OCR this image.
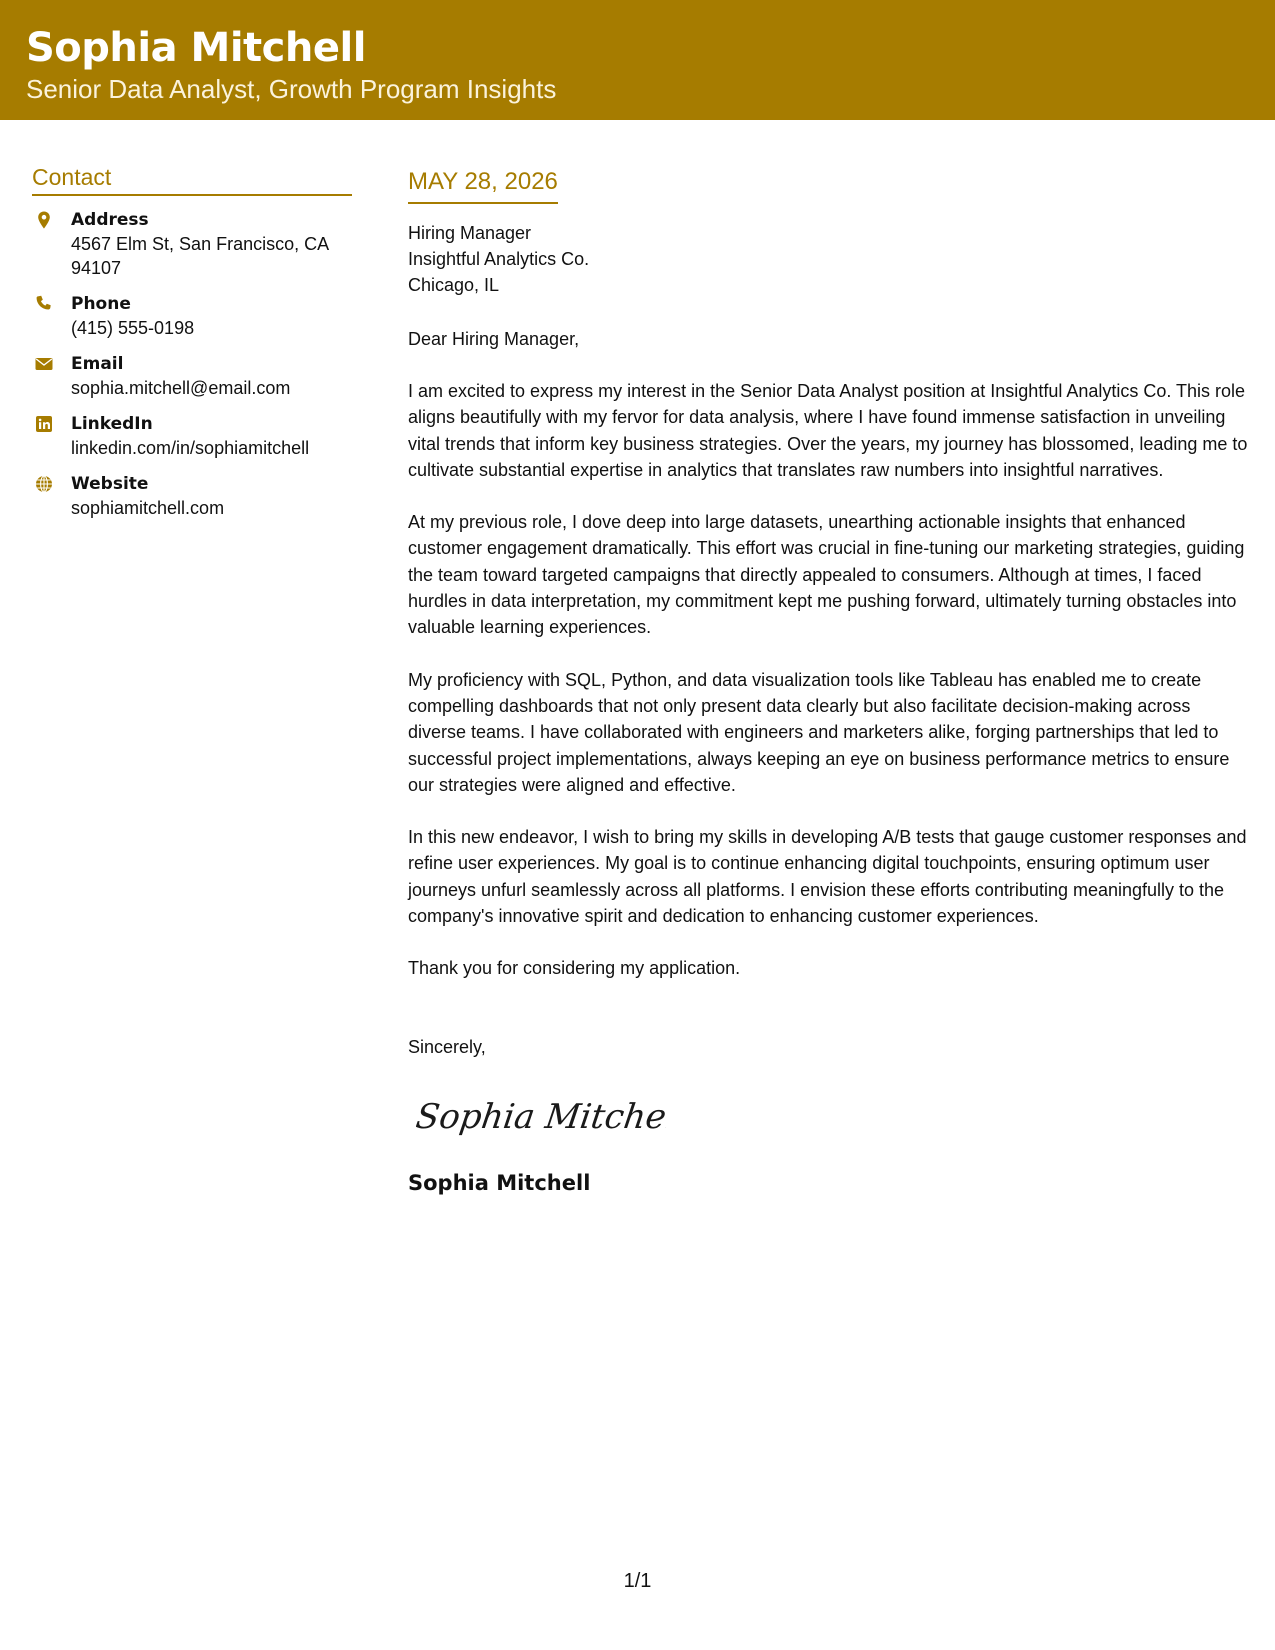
Sophia Mitchell
Senior Data Analyst, Growth Program Insights
Contact
Address
4567 Elm St, San Francisco, CA 94107
Phone
(415) 555-0198
Email
sophia.mitchell@email.com
LinkedIn
linkedin.com/in/sophiamitchell
Website
sophiamitchell.com
MAY 28, 2026
Hiring Manager
Insightful Analytics Co.
Chicago, IL
Dear Hiring Manager,
I am excited to express my interest in the Senior Data Analyst position at Insightful Analytics Co. This role aligns beautifully with my fervor for data analysis, where I have found immense satisfaction in unveiling vital trends that inform key business strategies. Over the years, my journey has blossomed, leading me to cultivate substantial expertise in analytics that translates raw numbers into insightful narratives.
At my previous role, I dove deep into large datasets, unearthing actionable insights that enhanced customer engagement dramatically. This effort was crucial in fine-tuning our marketing strategies, guiding the team toward targeted campaigns that directly appealed to consumers. Although at times, I faced hurdles in data interpretation, my commitment kept me pushing forward, ultimately turning obstacles into valuable learning experiences.
My proficiency with SQL, Python, and data visualization tools like Tableau has enabled me to create compelling dashboards that not only present data clearly but also facilitate decision-making across diverse teams. I have collaborated with engineers and marketers alike, forging partnerships that led to successful project implementations, always keeping an eye on business performance metrics to ensure our strategies were aligned and effective.
In this new endeavor, I wish to bring my skills in developing A/B tests that gauge customer responses and refine user experiences. My goal is to continue enhancing digital touchpoints, ensuring optimum user journeys unfurl seamlessly across all platforms. I envision these efforts contributing meaningfully to the company's innovative spirit and dedication to enhancing customer experiences.
Thank you for considering my application.
Sincerely,
Sophia Mitchell
Sophia Mitchell
1/1
